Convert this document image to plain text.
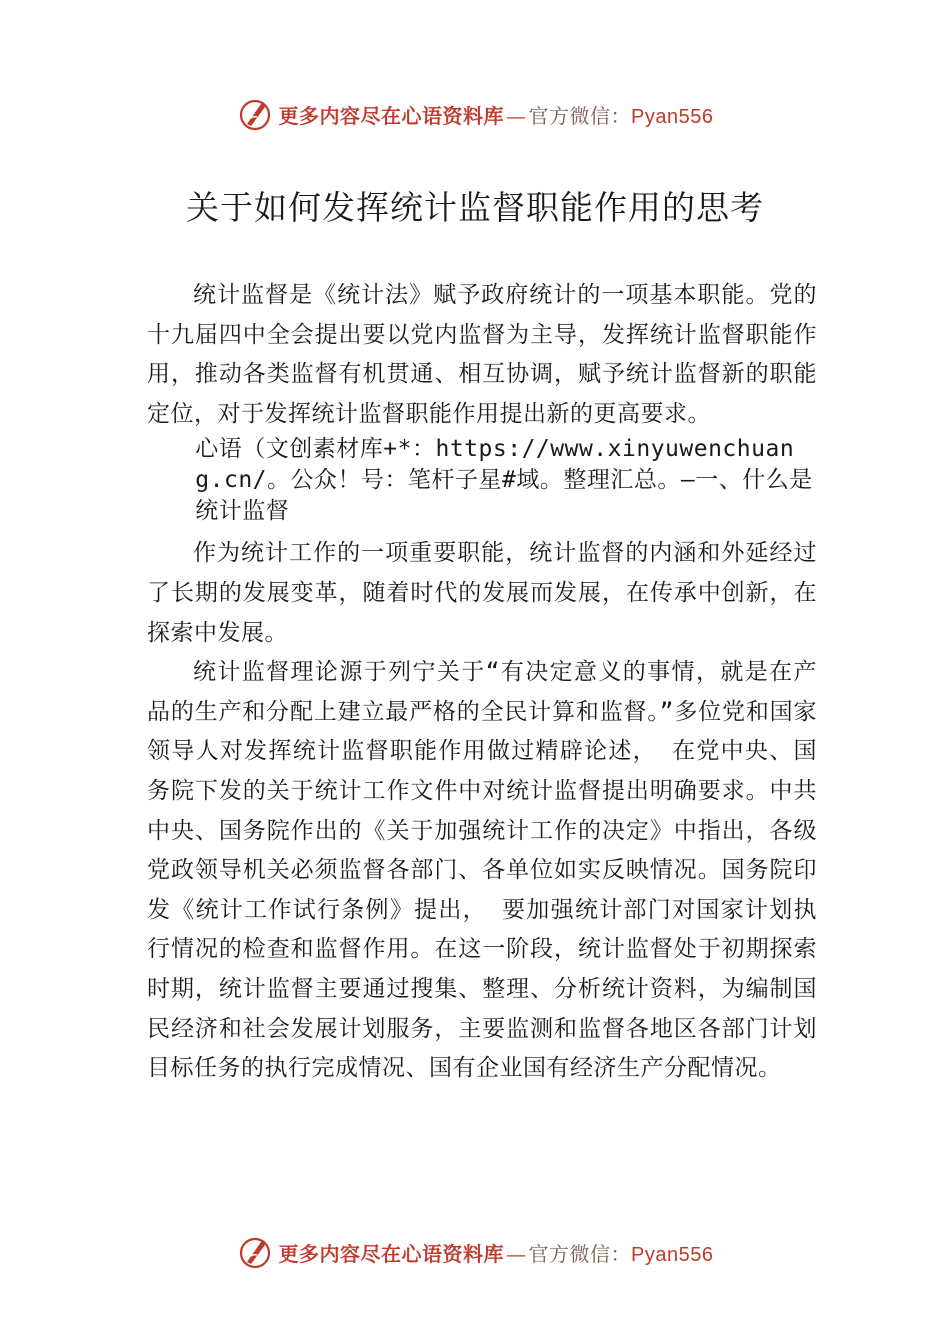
更多内容尽在心语资料库 — 官方微信： Pyan556
关于如何发挥统计监督职能作用的思考

统计监督是《统计法》赋予政府统计的一项基本职能。党的十九届四中全会提出要以党内监督为主导，发挥统计监督职能作用，推动各类监督有机贯通、相互协调，赋予统计监督新的职能定位，对于发挥统计监督职能作用提出新的更高要求。

心语（文创素材库+*：https://www.xinyuwenchuang.cn/。公众！号：笔杆子星#域。整理汇总。—一、什么是统计监督

作为统计工作的一项重要职能，统计监督的内涵和外延经过了长期的发展变革，随着时代的发展而发展，在传承中创新，在探索中发展。

统计监督理论源于列宁关于“有决定意义的事情，就是在产品的生产和分配上建立最严格的全民计算和监督。”多位党和国家领导人对发挥统计监督职能作用做过精辟论述， 在党中央、国务院下发的关于统计工作文件中对统计监督提出明确要求。中共中央、国务院作出的《关于加强统计工作的决定》中指出，各级党政领导机关必须监督各部门、各单位如实反映情况。国务院印发《统计工作试行条例》提出， 要加强统计部门对国家计划执行情况的检查和监督作用。在这一阶段，统计监督处于初期探索时期，统计监督主要通过搜集、整理、分析统计资料，为编制国民经济和社会发展计划服务，主要监测和监督各地区各部门计划目标任务的执行完成情况、国有企业国有经济生产分配情况。

更多内容尽在心语资料库 — 官方微信： Pyan556
